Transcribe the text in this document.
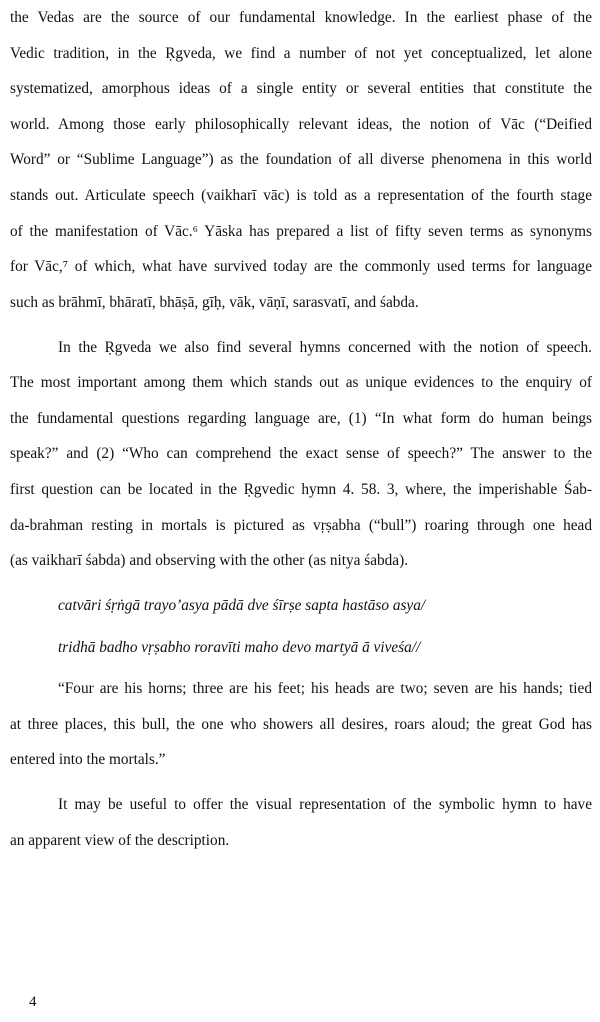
the Vedas are the source of our fundamental knowledge. In the earliest phase of the
Vedic tradition, in the Ṛgveda, we find a number of not yet conceptualized, let alone
systematized, amorphous ideas of a single entity or several entities that constitute the
world. Among those early philosophically relevant ideas, the notion of Vāc (“Deified
Word” or “Sublime Language”) as the foundation of all diverse phenomena in this world
stands out. Articulate speech (vaikharī vāc) is told as a representation of the fourth stage
of the manifestation of Vāc.⁶ Yāska has prepared a list of fifty seven terms as synonyms
for Vāc,⁷ of which, what have survived today are the commonly used terms for language
such as brāhmī, bhāratī, bhāṣā, gīḥ, vāk, vāṇī, sarasvatī, and śabda.
In the Ṛgveda we also find several hymns concerned with the notion of speech.
The most important among them which stands out as unique evidences to the enquiry of
the fundamental questions regarding language are, (1) “In what form do human beings
speak?” and (2) “Who can comprehend the exact sense of speech?” The answer to the
first question can be located in the Ṛgvedic hymn 4. 58. 3, where, the imperishable Śab-
da-brahman resting in mortals is pictured as vṛṣabha (“bull”) roaring through one head
(as vaikharī śabda) and observing with the other (as nitya śabda).
catvāri śṛṅgā trayo’asya pādā dve śīrṣe sapta hastāso asya/
tridhā badho vṛṣabho roravīti maho devo martyā ā viveśa//
“Four are his horns; three are his feet; his heads are two; seven are his hands; tied
at three places, this bull, the one who showers all desires, roars aloud; the great God has
entered into the mortals.”
It may be useful to offer the visual representation of the symbolic hymn to have
an apparent view of the description.
4
